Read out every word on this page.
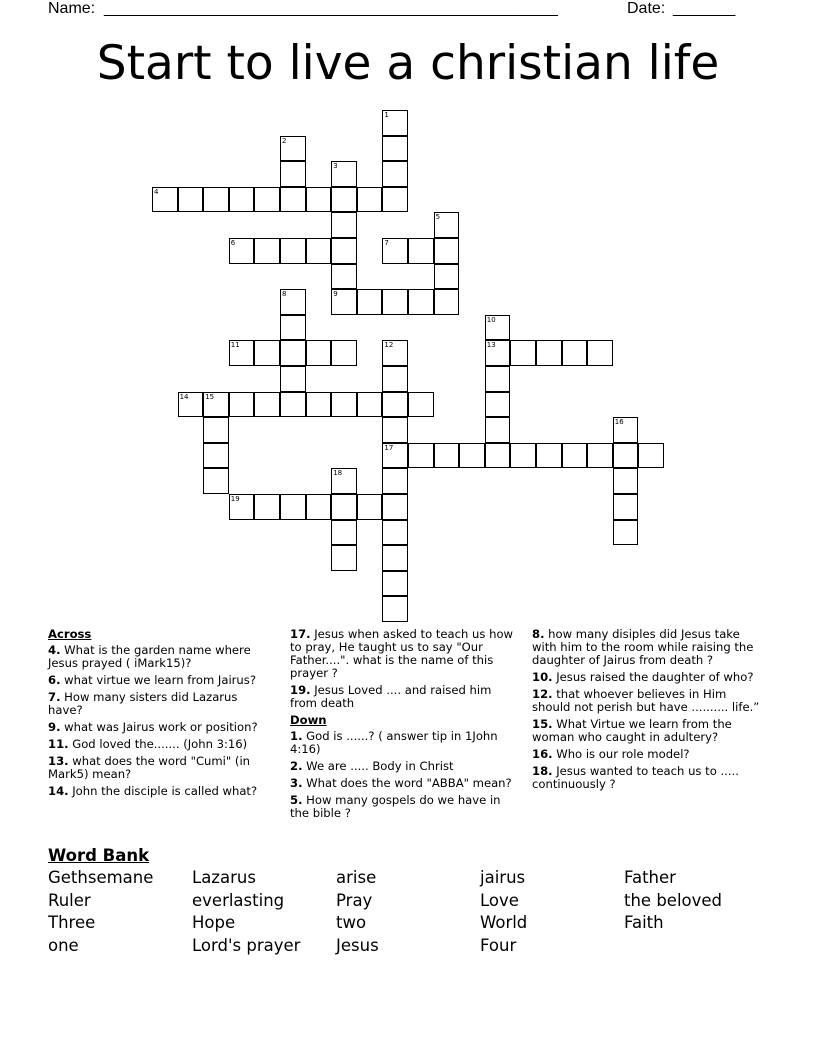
Name: ___________________________________________________	Date: _______
Start to live a christian life
1
2
3
9
4
5
6	7
8
10
13
11	12
17
14 15
16
18
19
Across
4. What is the garden name where Jesus prayed ( iMark15)?
6. what virtue we learn from Jairus?
7. How many sisters did Lazarus have?
9. what was Jairus work or position?
11. God loved the....... (John 3:16)
13. what does the word "Cumi" (in Mark5) mean?
14. John the disciple is called what?
17. Jesus when asked to teach us how to pray, He taught us to say "Our Father....". what is the name of this prayer ?
19. Jesus Loved .... and raised him from death
Down
1. God is ......? ( answer tip in 1John 4:16)
2. We are ..... Body in Christ
3. What does the word "ABBA" mean?
5. How many gospels do we have in the bible ?
8. how many disiples did Jesus take with him to the room while raising the daughter of Jairus from death ?
10. Jesus raised the daughter of who?
12. that whoever believes in Him should not perish but have .......... life.”
15. What Virtue we learn from the woman who caught in adultery?
16. Who is our role model?
18. Jesus wanted to teach us to ..... continuously ?
Word Bank
Gethsemane	Lazarus	arise	jairus	Father
Ruler	everlasting	Pray	Love	the beloved
Three	Hope	two	World	Faith
one	Lord's prayer	Jesus	Four
